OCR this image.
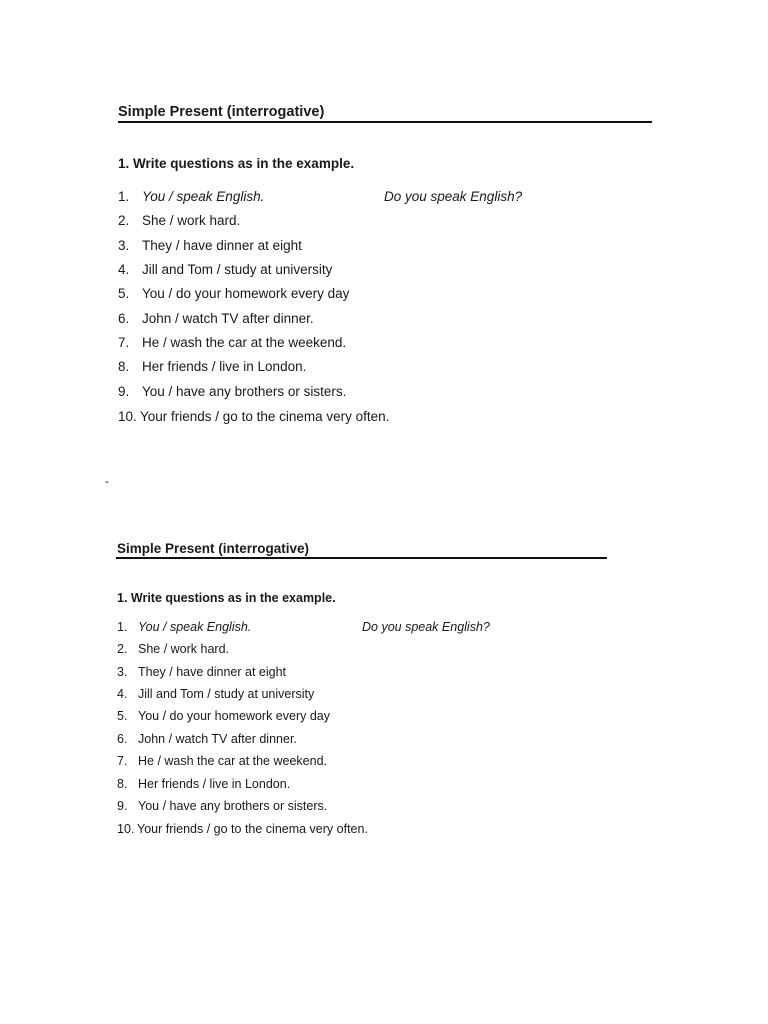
Simple Present (interrogative)
1. Write questions as in the example.
1. You / speak English.	Do you speak English?
2. She / work hard.
3. They / have dinner at eight
4. Jill and Tom / study at university
5. You / do your homework every day
6. John / watch TV after dinner.
7. He / wash the car at the weekend.
8. Her friends / live in London.
9. You / have any brothers or sisters.
10. Your friends / go to the cinema very often.
-
Simple Present (interrogative)
1. Write questions as in the example.
1. You / speak English.	Do you speak English?
2. She / work hard.
3. They / have dinner at eight
4. Jill and Tom / study at university
5. You / do your homework every day
6. John / watch TV after dinner.
7. He / wash the car at the weekend.
8. Her friends / live in London.
9. You / have any brothers or sisters.
10. Your friends / go to the cinema very often.
